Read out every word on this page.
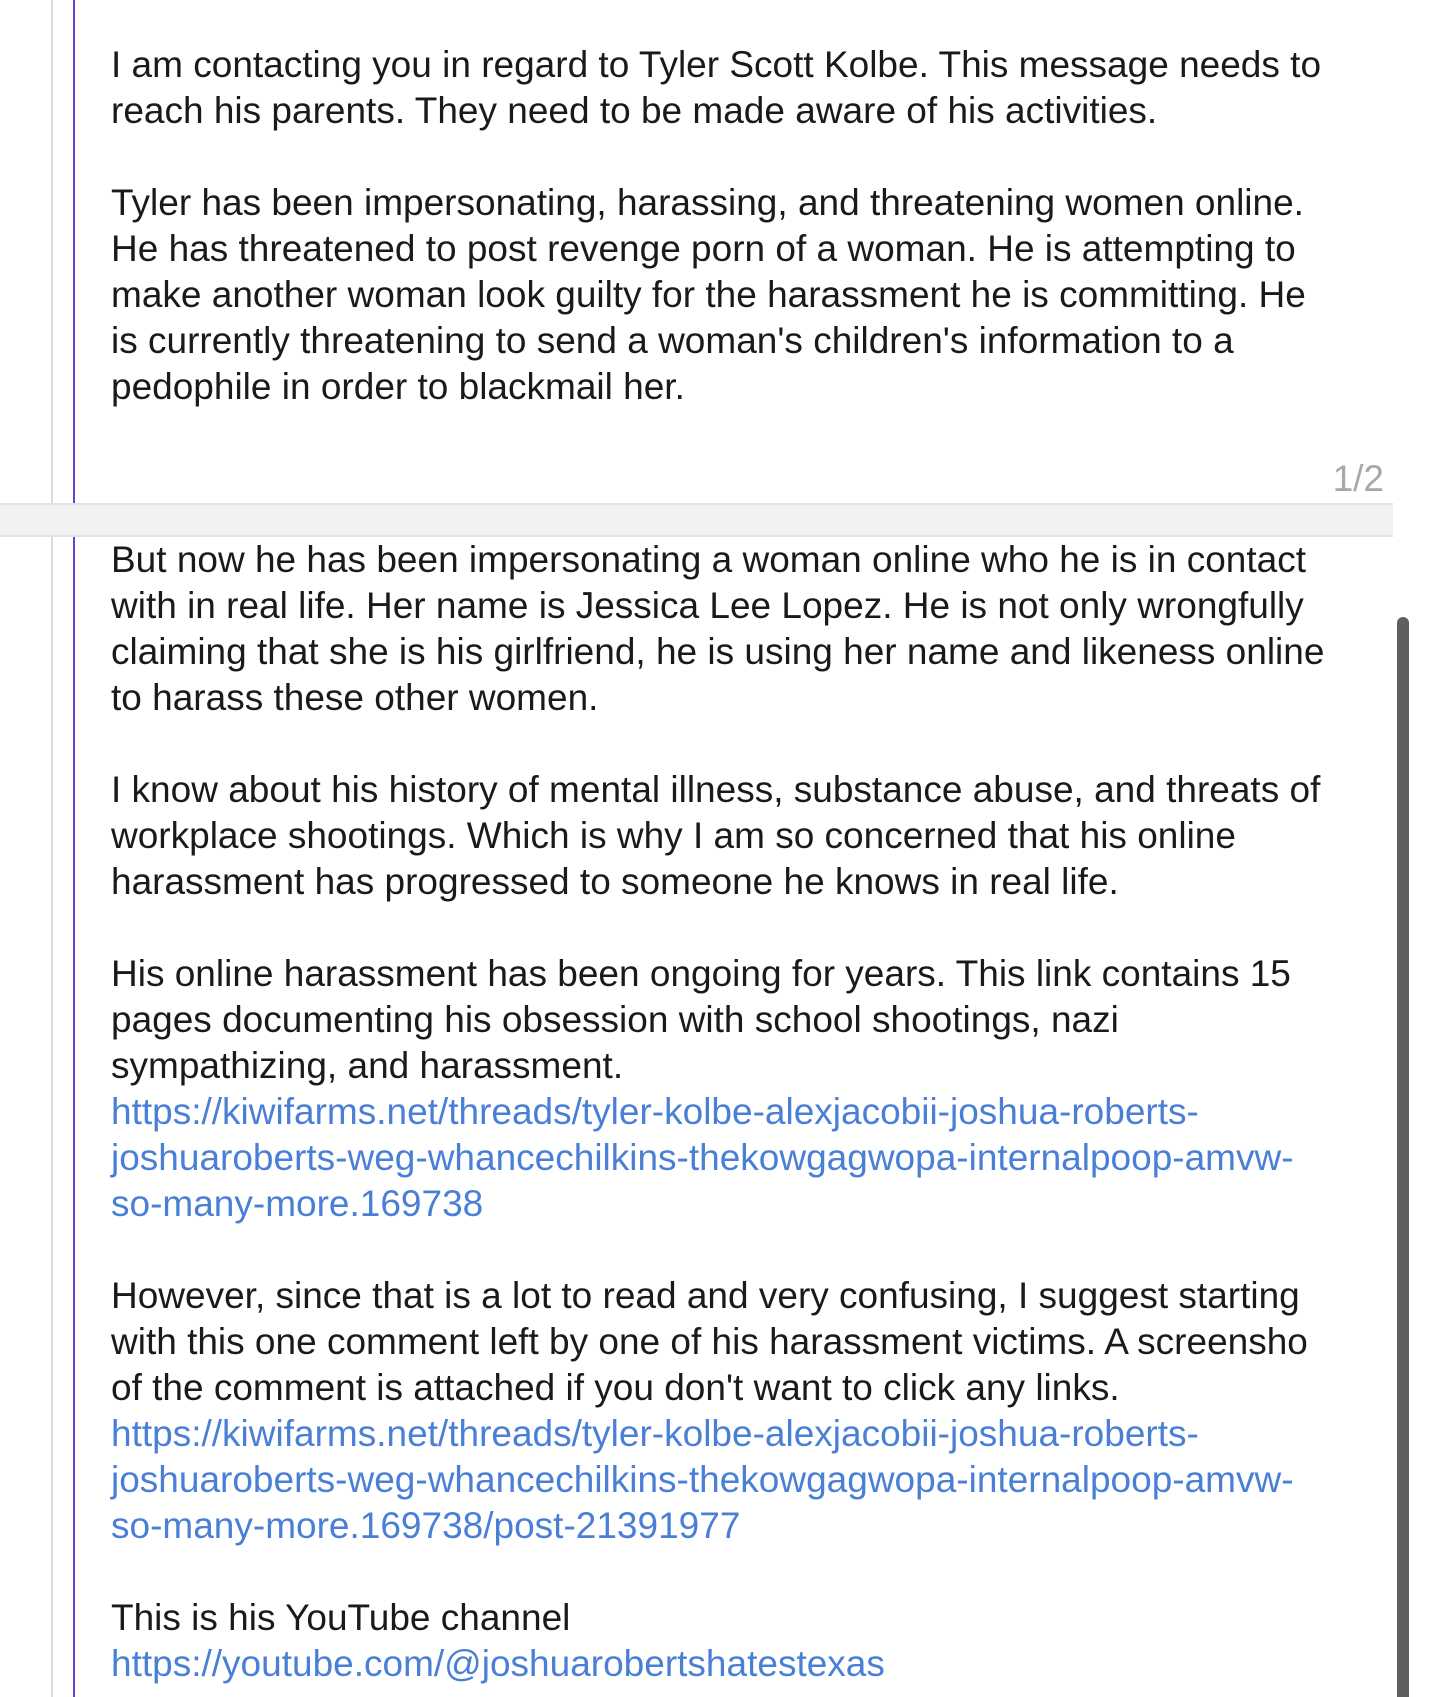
I am contacting you in regard to Tyler Scott Kolbe. This message needs to

reach his parents. They need to be made aware of his activities.

Tyler has been impersonating, harassing, and threatening women online.

He has threatened to post revenge porn of a woman. He is attempting to

make another woman look guilty for the harassment he is committing. He

is currently threatening to send a woman's children's information to a

pedophile in order to blackmail her.

1/2

But now he has been impersonating a woman online who he is in contact

with in real life. Her name is Jessica Lee Lopez. He is not only wrongfully

claiming that she is his girlfriend, he is using her name and likeness online

to harass these other women.

I know about his history of mental illness, substance abuse, and threats of

workplace shootings. Which is why I am so concerned that his online

harassment has progressed to someone he knows in real life.

His online harassment has been ongoing for years. This link contains 15

pages documenting his obsession with school shootings, nazi

sympathizing, and harassment.

https://kiwifarms.net/threads/tyler-kolbe-alexjacobii-joshua-roberts-

joshuaroberts-weg-whancechilkins-thekowgagwopa-internalpoop-amvw-

so-many-more.169738

However, since that is a lot to read and very confusing, I suggest starting

with this one comment left by one of his harassment victims. A screensho

of the comment is attached if you don't want to click any links.

https://kiwifarms.net/threads/tyler-kolbe-alexjacobii-joshua-roberts-

joshuaroberts-weg-whancechilkins-thekowgagwopa-internalpoop-amvw-

so-many-more.169738/post-21391977

This is his YouTube channel

https://youtube.com/@joshuarobertshatestexas
